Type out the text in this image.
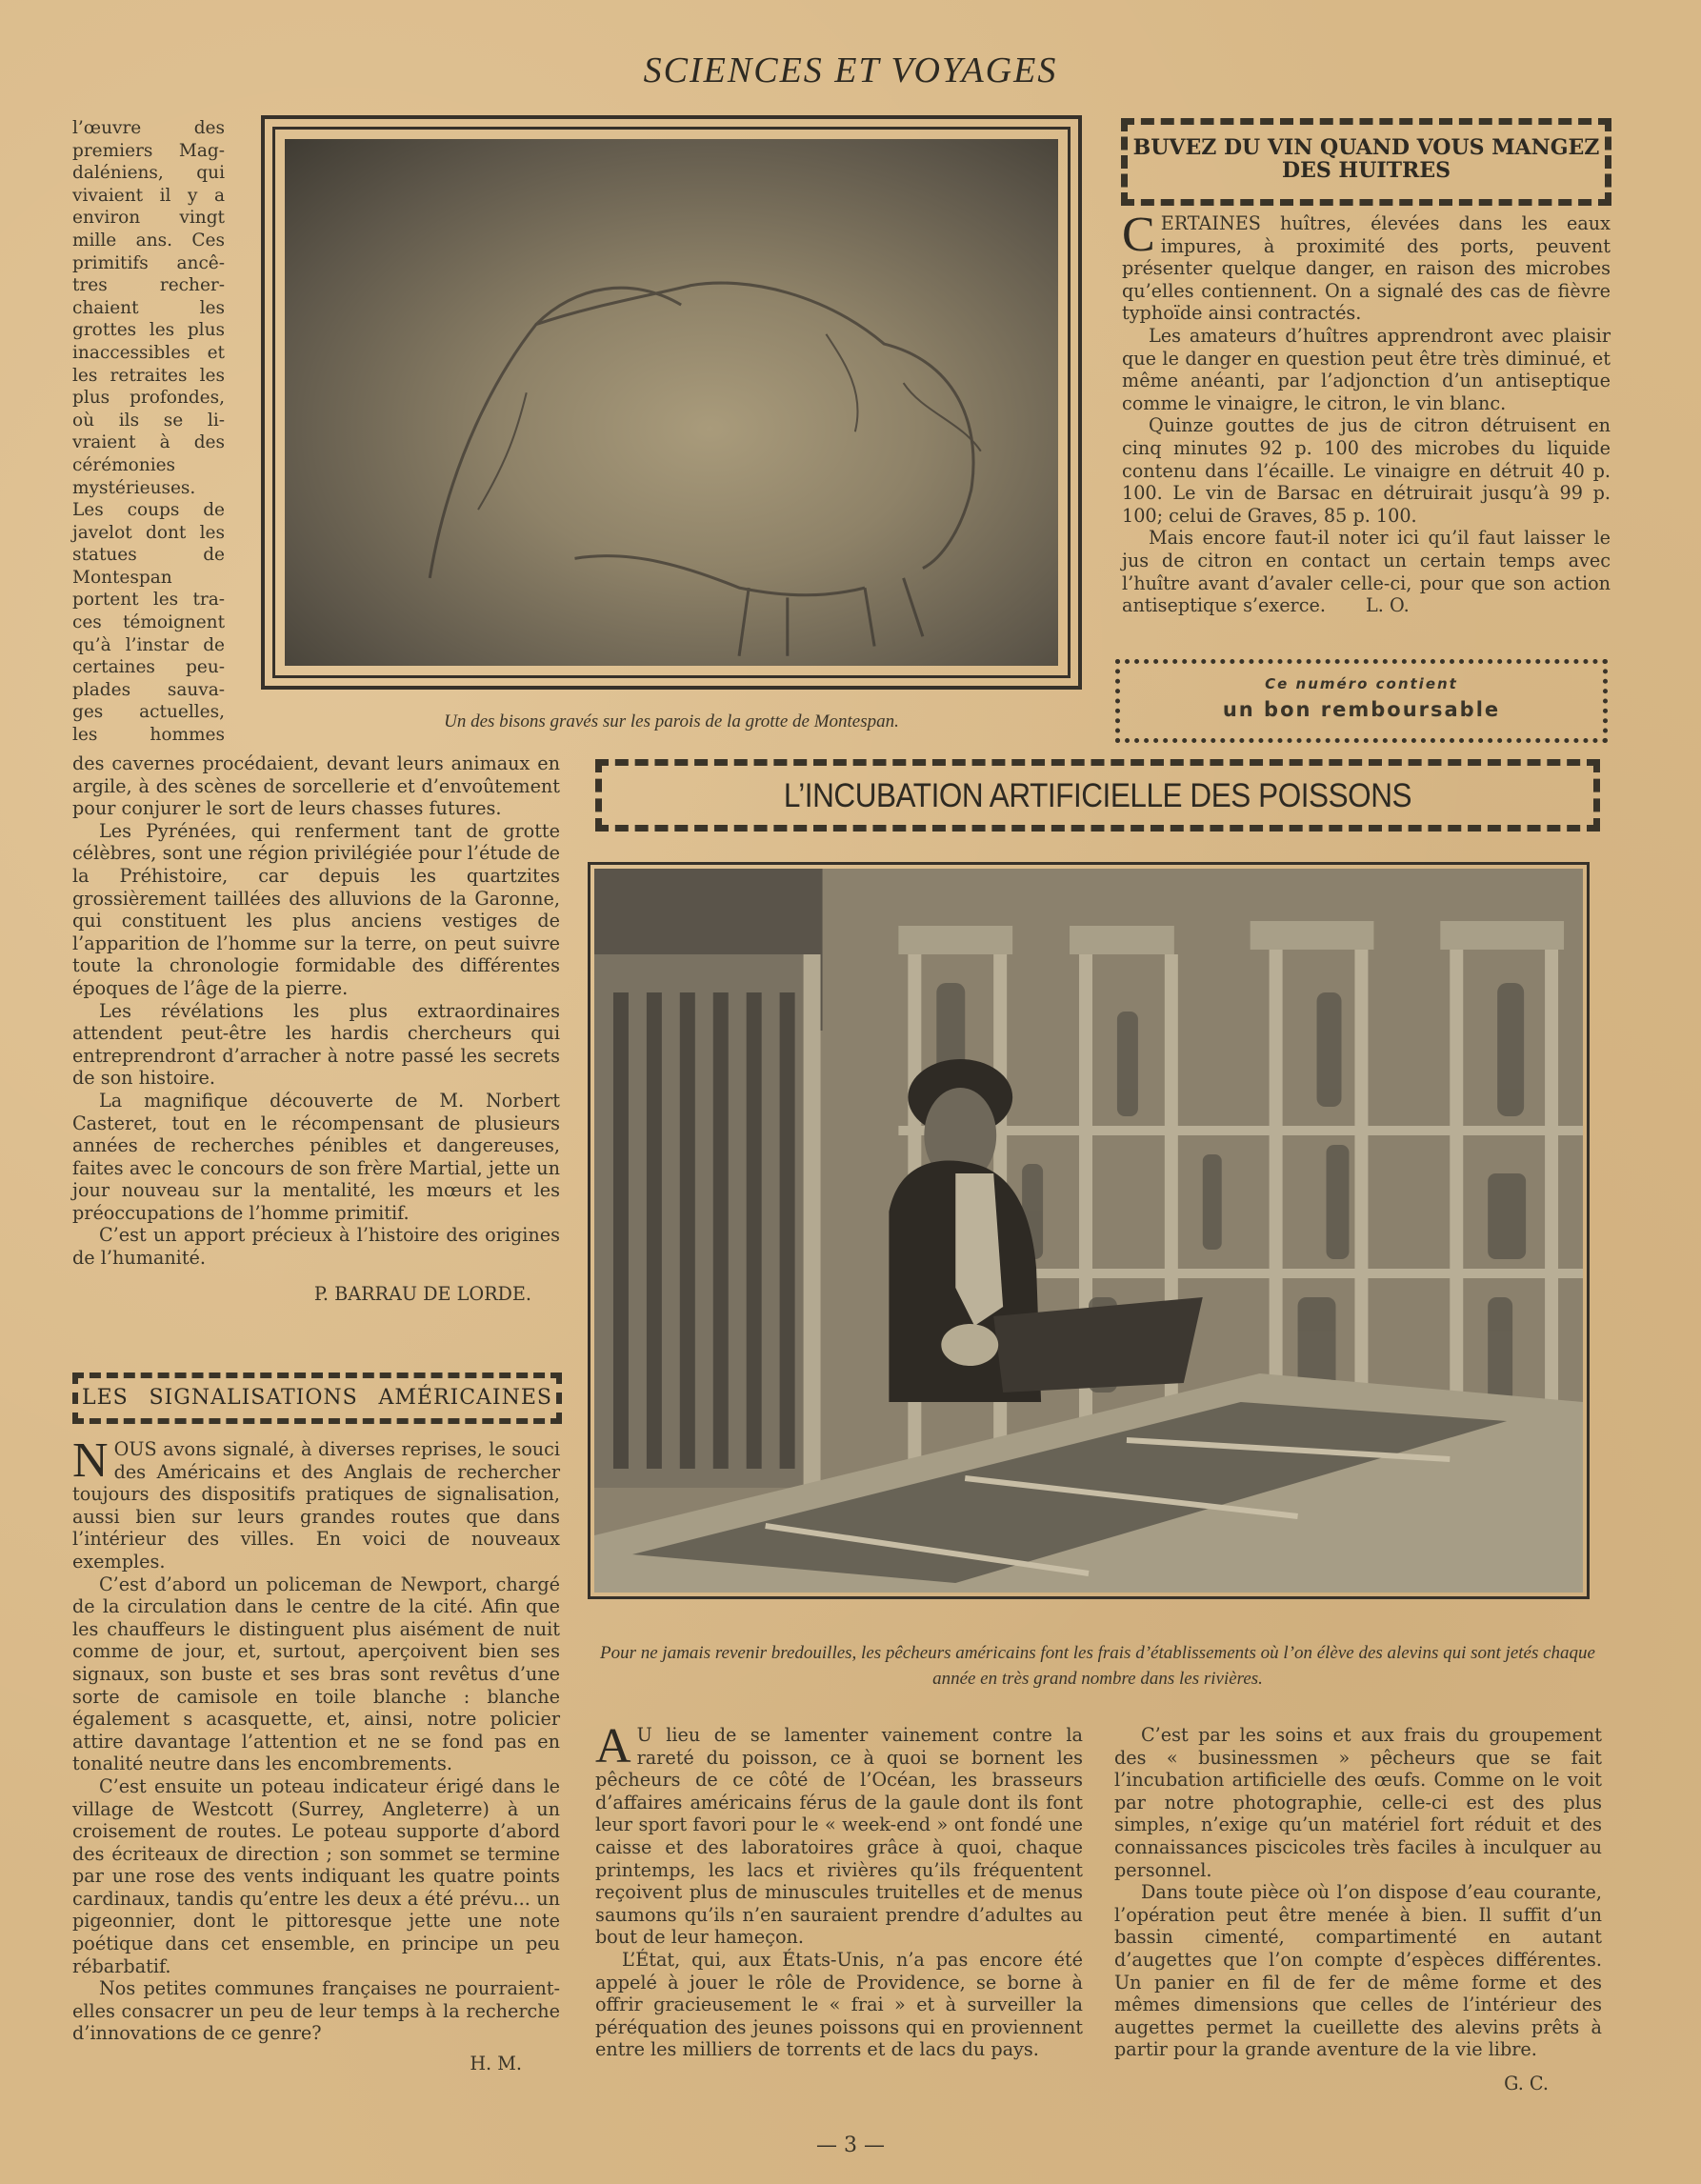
SCIENCES ET VOYAGES
Un des bisons gravés sur les parois de la grotte de Montespan.
l’œuvre des
premiers Mag-
daléniens, qui
vivaient il y a
environ vingt
mille ans. Ces
primitifs ancê-
tres recher-
chaient les
grottes les plus
inaccessibles et
les retraites les
plus profondes,
où ils se li-
vraient à des
cérémonies
mystérieuses.
Les coups de
javelot dont les
statues de
Montespan
portent les tra-
ces témoignent
qu’à l’instar de
certaines peu-
plades sauva-
ges actuelles,
les hommes

des cavernes procédaient, devant leurs animaux en argile, à des scènes de sorcellerie et d’envoûtement pour conjurer le sort de leurs chasses futures.

Les Pyrénées, qui renferment tant de grotte célèbres, sont une région privilégiée pour l’étude de la Préhistoire, car depuis les quartzites grossièrement taillées des alluvions de la Garonne, qui constituent les plus anciens vestiges de l’apparition de l’homme sur la terre, on peut suivre toute la chronologie formidable des différentes époques de l’âge de la pierre.

Les révélations les plus extraordinaires attendent peut-être les hardis chercheurs qui entreprendront d’arracher à notre passé les secrets de son histoire.

La magnifique découverte de M. Norbert Casteret, tout en le récompensant de plusieurs années de recherches pénibles et dangereuses, faites avec le concours de son frère Martial, jette un jour nouveau sur la mentalité, les mœurs et les préoccupations de l’homme primitif.

C’est un apport précieux à l’histoire des origines de l’humanité.

P. BARRAU DE LORDE.
LES SIGNALISATIONS AMÉRICAINES

NOUS avons signalé, à diverses reprises, le souci des Américains et des Anglais de rechercher toujours des dispositifs pratiques de signalisation, aussi bien sur leurs grandes routes que dans l’intérieur des villes. En voici de nouveaux exemples.

C’est d’abord un policeman de Newport, chargé de la circulation dans le centre de la cité. Afin que les chauffeurs le distinguent plus aisément de nuit comme de jour, et, surtout, aperçoivent bien ses signaux, son buste et ses bras sont revêtus d’une sorte de camisole en toile blanche : blanche également s acasquette, et, ainsi, notre policier attire davantage l’attention et ne se fond pas en tonalité neutre dans les encombrements.

C’est ensuite un poteau indicateur érigé dans le village de Westcott (Surrey, Angleterre) à un croisement de routes. Le poteau supporte d’abord des écriteaux de direction ; son sommet se termine par une rose des vents indiquant les quatre points cardinaux, tandis qu’entre les deux a été prévu... un pigeonnier, dont le pittoresque jette une note poétique dans cet ensemble, en principe un peu rébarbatif.

Nos petites communes françaises ne pourraient-elles consacrer un peu de leur temps à la recherche d’innovations de ce genre?

H. M.
BUVEZ DU VIN QUAND VOUS MANGEZ
DES HUITRES

CERTAINES huîtres, élevées dans les eaux impures, à proximité des ports, peuvent présenter quelque danger, en raison des microbes qu’elles contiennent. On a signalé des cas de fièvre typhoïde ainsi contractés.

Les amateurs d’huîtres apprendront avec plaisir que le danger en question peut être très diminué, et même anéanti, par l’adjonction d’un antiseptique comme le vinaigre, le citron, le vin blanc.

Quinze gouttes de jus de citron détruisent en cinq minutes 92 p. 100 des microbes du liquide contenu dans l’écaille. Le vinaigre en détruit 40 p. 100. Le vin de Barsac en détruirait jusqu’à 99 p. 100; celui de Graves, 85 p. 100.

Mais encore faut-il noter ici qu’il faut laisser le jus de citron en contact un certain temps avec l’huître avant d’avaler celle-ci, pour que son action antiseptique s’exerce. L. O.

Ce numéro contient
un bon remboursable
L’INCUBATION ARTIFICIELLE DES POISSONS
Pour ne jamais revenir bredouilles, les pêcheurs américains font les frais d’établissements où l’on élève des alevins qui sont jetés chaque année en très grand nombre dans les rivières.

A U lieu de se lamenter vainement contre la rareté du poisson, ce à quoi se bornent les pêcheurs de ce côté de l’Océan, les brasseurs d’affaires américains férus de la gaule dont ils font leur sport favori pour le « week-end » ont fondé une caisse et des laboratoires grâce à quoi, chaque printemps, les lacs et rivières qu’ils fréquentent reçoivent plus de minuscules truitelles et de menus saumons qu’ils n’en sauraient prendre d’adultes au bout de leur hameçon.

L’État, qui, aux États-Unis, n’a pas encore été appelé à jouer le rôle de Providence, se borne à offrir gracieusement le « frai » et à surveiller la péréquation des jeunes poissons qui en proviennent entre les milliers de torrents et de lacs du pays.

C’est par les soins et aux frais du groupement des « businessmen » pêcheurs que se fait l’incubation artificielle des œufs. Comme on le voit par notre photographie, celle-ci est des plus simples, n’exige qu’un matériel fort réduit et des connaissances piscicoles très faciles à inculquer au personnel.

Dans toute pièce où l’on dispose d’eau courante, l’opération peut être menée à bien. Il suffit d’un bassin cimenté, compartimenté en autant d’augettes que l’on compte d’espèces différentes. Un panier en fil de fer de même forme et des mêmes dimensions que celles de l’intérieur des augettes permet la cueillette des alevins prêts à partir pour la grande aventure de la vie libre.

G. C.
— 3 —
